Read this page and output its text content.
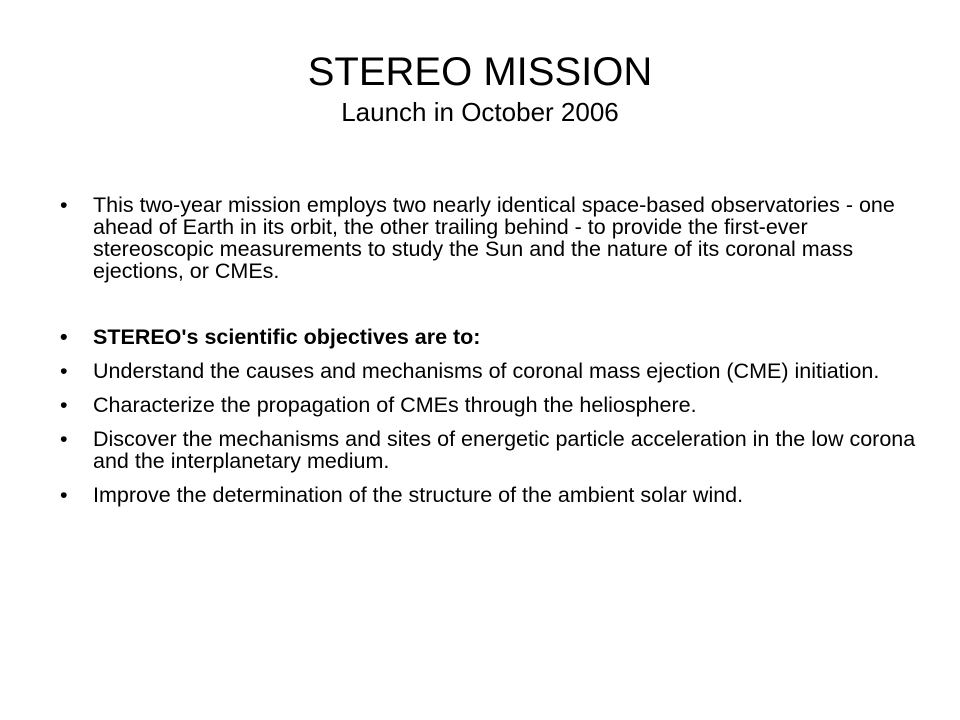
STEREO MISSION
Launch in October 2006
• This two-year mission employs two nearly identical space-based observatories - one ahead of Earth in its orbit, the other trailing behind - to provide the first-ever stereoscopic measurements to study the Sun and the nature of its coronal mass ejections, or CMEs.
• STEREO's scientific objectives are to:
• Understand the causes and mechanisms of coronal mass ejection (CME) initiation.
• Characterize the propagation of CMEs through the heliosphere.
• Discover the mechanisms and sites of energetic particle acceleration in the low corona and the interplanetary medium.
• Improve the determination of the structure of the ambient solar wind.
